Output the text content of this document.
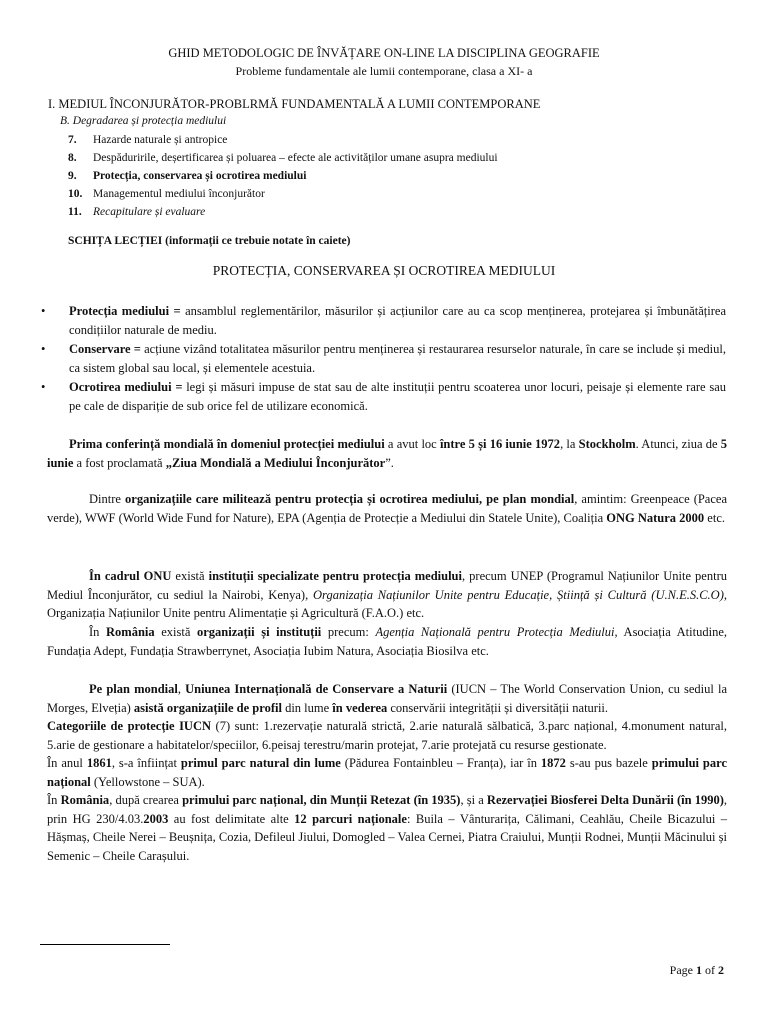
GHID METODOLOGIC DE ÎNVĂȚARE ON-LINE LA DISCIPLINA GEOGRAFIE
Probleme fundamentale ale lumii contemporane, clasa a XI- a
I. MEDIUL ÎNCONJURĂTOR-PROBLRMĂ FUNDAMENTALĂ A LUMII CONTEMPORANE
B. Degradarea și protecția mediului
7. Hazarde naturale și antropice
8. Despăduririle, deșertificarea și poluarea – efecte ale activităților umane asupra mediului
9. Protecția, conservarea și ocrotirea mediului
10. Managementul mediului înconjurător
11. Recapitulare și evaluare
SCHIȚA LECȚIEI (informații ce trebuie notate în caiete)
PROTECȚIA, CONSERVAREA ȘI OCROTIREA MEDIULUI

• Protecția mediului = ansamblul reglementărilor, măsurilor și acțiunilor care au ca scop menținerea, protejarea și îmbunătățirea condițiilor naturale de mediu.

• Conservare = acțiune vizând totalitatea măsurilor pentru menținerea și restaurarea resurselor naturale, în care se include și mediul, ca sistem global sau local, și elementele acestuia.

• Ocrotirea mediului = legi și măsuri impuse de stat sau de alte instituții pentru scoaterea unor locuri, peisaje și elemente rare sau pe cale de dispariție de sub orice fel de utilizare economică.

Prima conferință mondială în domeniul protecției mediului a avut loc între 5 și 16 iunie 1972, la Stockholm. Atunci, ziua de 5 iunie a fost proclamată „Ziua Mondială a Mediului Înconjurător”.
Dintre organizațiile care militează pentru protecția și ocrotirea mediului, pe plan mondial, amintim: Greenpeace (Pacea verde), WWF (World Wide Fund for Nature), EPA (Agenția de Protecție a Mediului din Statele Unite), Coaliția ONG Natura 2000 etc.
În cadrul ONU există instituții specializate pentru protecția mediului, precum UNEP (Programul Națiunilor Unite pentru Mediul Înconjurător, cu sediul la Nairobi, Kenya), Organizația Națiunilor Unite pentru Educație, Știință și Cultură (U.N.E.S.C.O), Organizația Națiunilor Unite pentru Alimentație și Agricultură (F.A.O.) etc.
În România există organizații și instituții precum: Agenția Națională pentru Protecția Mediului, Asociația Atitudine, Fundația Adept, Fundația Strawberrynet, Asociația Iubim Natura, Asociația Biosilva etc.
Pe plan mondial, Uniunea Internațională de Conservare a Naturii (IUCN – The World Conservation Union, cu sediul la Morges, Elveția) asistă organizațiile de profil din lume în vederea conservării integrității și diversității naturii.
Categoriile de protecție IUCN (7) sunt: 1.rezervație naturală strictă, 2.arie naturală sălbatică, 3.parc național, 4.monument natural, 5.arie de gestionare a habitatelor/speciilor, 6.peisaj terestru/marin protejat, 7.arie protejată cu resurse gestionate.
În anul 1861, s-a înființat primul parc natural din lume (Pădurea Fontainbleu – Franța), iar în 1872 s-au pus bazele primului parc național (Yellowstone – SUA).
În România, după crearea primului parc național, din Munții Retezat (în 1935), și a Rezervației Biosferei Delta Dunării (în 1990), prin HG 230/4.03.2003 au fost delimitate alte 12 parcuri naționale: Buila – Vânturarița, Călimani, Ceahlău, Cheile Bicazului – Hășmaș, Cheile Nerei – Beușnița, Cozia, Defileul Jiului, Domogled – Valea Cernei, Piatra Craiului, Munții Rodnei, Munții Măcinului și Semenic – Cheile Carașului.
Page 1 of 2
